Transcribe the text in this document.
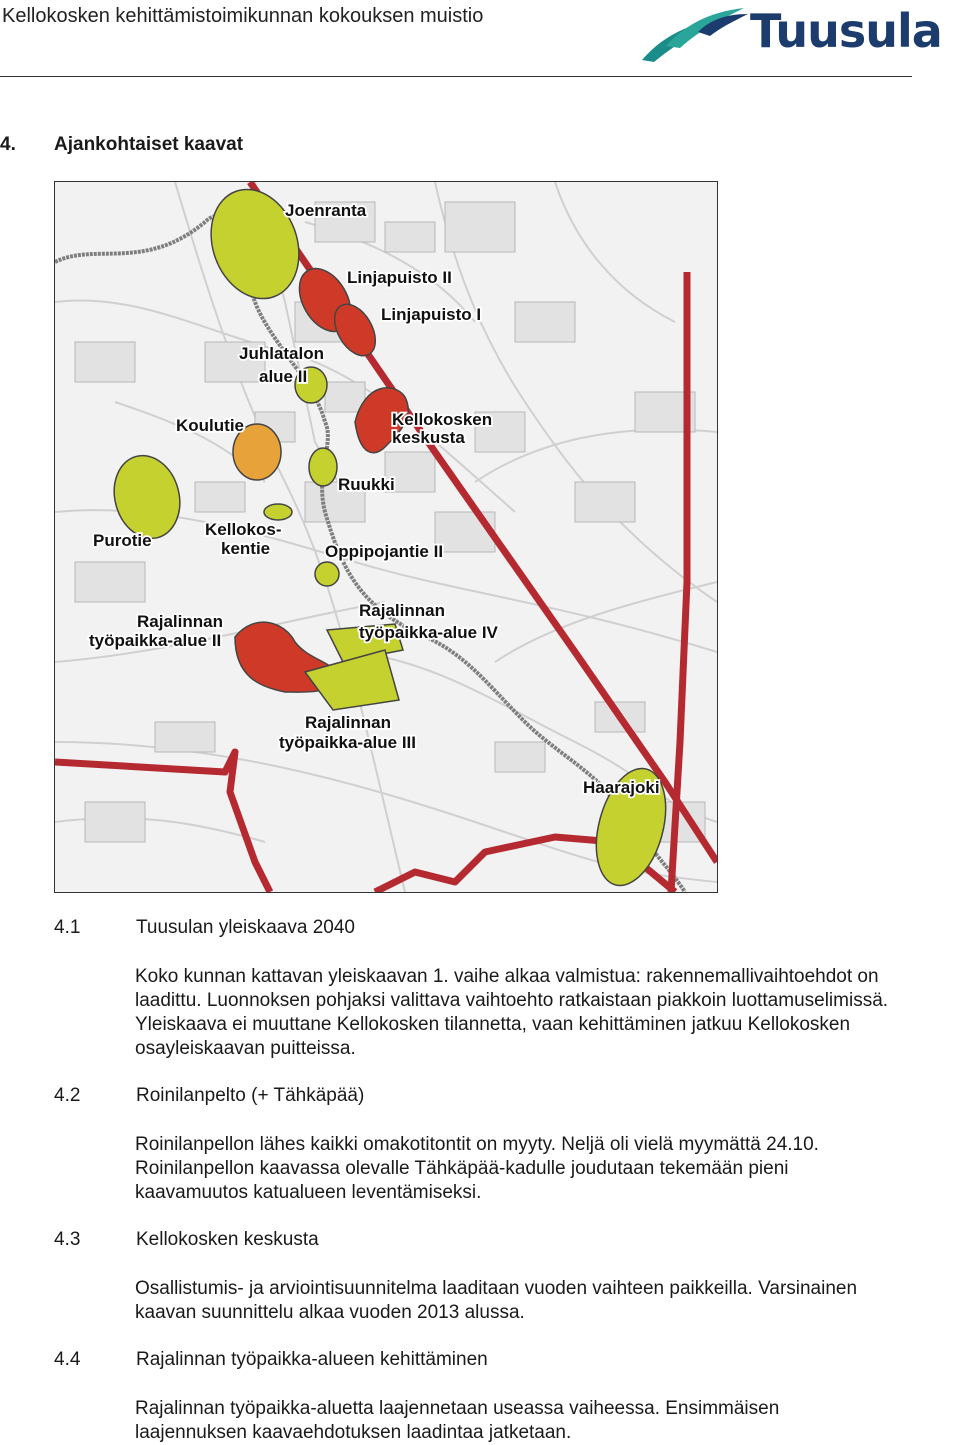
Kellokosken kehittämistoimikunnan kokouksen muistio	Tuusula
4. Ajankohtaiset kaavat
Joenranta
Linjapuisto II
Linjapuisto I
Juhlatalon
alue II
Koulutie	Kellokosken
keskusta
Ruukki
Purotie
Kellokos-
kentie	Oppipojantie II
Rajalinnan
työpaikka-alue IV
Rajalinnan
työpaikka-alue II
Rajalinnan
työpaikka-alue III
Haarajoki
4.1	Tuusulan yleiskaava 2040
Koko kunnan kattavan yleiskaavan 1. vaihe alkaa valmistua: rakennemallivaihtoehdot on
laadittu. Luonnoksen pohjaksi valittava vaihtoehto ratkaistaan piakkoin luottamuselimissä.
Yleiskaava ei muuttane Kellokosken tilannetta, vaan kehittäminen jatkuu Kellokosken
osayleiskaavan puitteissa.
4.2	Roinilanpelto (+ Tähkäpää)
Roinilanpellon lähes kaikki omakotitontit on myyty. Neljä oli vielä myymättä 24.10.
Roinilanpellon kaavassa olevalle Tähkäpää-kadulle joudutaan tekemään pieni
kaavamuutos katualueen leventämiseksi.
4.3	Kellokosken keskusta
Osallistumis- ja arviointisuunnitelma laaditaan vuoden vaihteen paikkeilla. Varsinainen
kaavan suunnittelu alkaa vuoden 2013 alussa.
4.4	Rajalinnan työpaikka-alueen kehittäminen
Rajalinnan työpaikka-aluetta laajennetaan useassa vaiheessa. Ensimmäisen
laajennuksen kaavaehdotuksen laadintaa jatketaan.
